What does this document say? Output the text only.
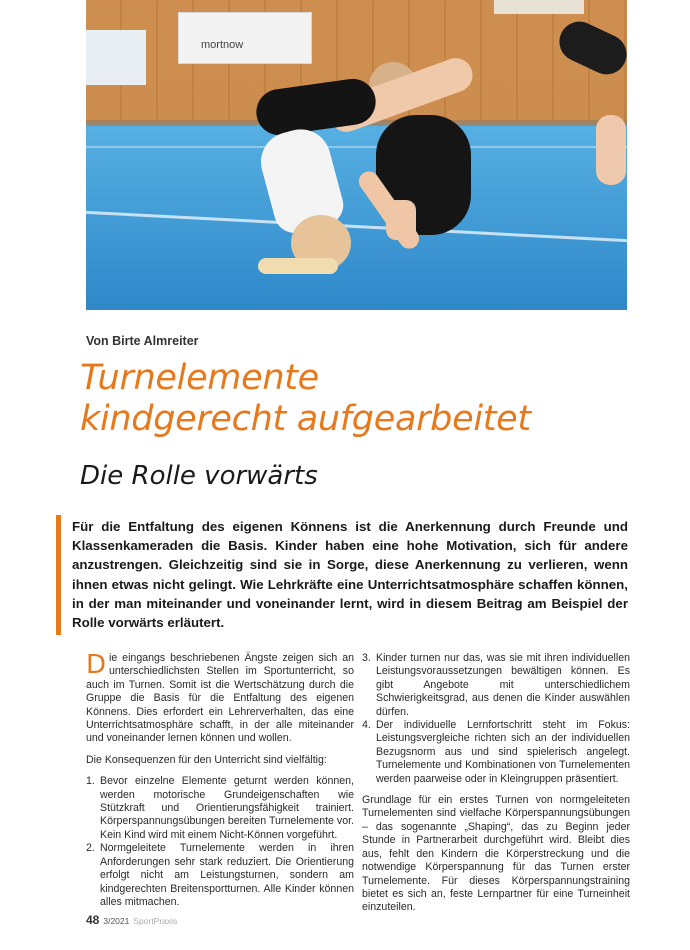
mortnow
Von Birte Almreiter
Turnelemente
kindgerecht aufgearbeitet
Die Rolle vorwärts

Für die Entfaltung des eigenen Könnens ist die Anerkennung durch Freunde und Klassenkameraden die Basis. Kinder haben eine hohe Motivation, sich für andere anzustrengen. Gleichzeitig sind sie in Sorge, diese Anerkennung zu verlieren, wenn ihnen etwas nicht gelingt. Wie Lehrkräfte eine Unterrichtsatmosphäre schaffen können, in der man miteinander und voneinander lernt, wird in diesem Beitrag am Beispiel der Rolle vorwärts erläutert.

Die eingangs beschriebenen Ängste zeigen sich an unterschiedlichsten Stellen im Sportunterricht, so auch im Turnen. Somit ist die Wertschätzung durch die Gruppe die Basis für die Entfaltung des eigenen Könnens. Dies erfordert ein Lehrerverhalten, das eine Unterrichtsatmosphäre schafft, in der alle miteinander und voneinander lernen können und wollen.

Die Konsequenzen für den Unterricht sind vielfältig:

1. Bevor einzelne Elemente geturnt werden können, werden motorische Grundeigenschaften wie Stützkraft und Orientierungsfähigkeit trainiert. Körperspannungsübungen bereiten Turnelemente vor. Kein Kind wird mit einem Nicht-Können vorgeführt.
2. Normgeleitete Turnelemente werden in ihren Anforderungen sehr stark reduziert. Die Orientierung erfolgt nicht am Leistungsturnen, sondern am kindgerechten Breitensportturnen. Alle Kinder können alles mitmachen.
3. Kinder turnen nur das, was sie mit ihren individuellen Leistungsvoraussetzungen bewältigen können. Es gibt Angebote mit unterschiedlichem Schwierigkeitsgrad, aus denen die Kinder auswählen dürfen.
4. Der individuelle Lernfortschritt steht im Fokus: Leistungsvergleiche richten sich an der individuellen Bezugsnorm aus und sind spielerisch angelegt. Turnelemente und Kombinationen von Turnelementen werden paarweise oder in Kleingruppen präsentiert.

Grundlage für ein erstes Turnen von normgeleiteten Turnelementen sind vielfache Körperspannungsübungen – das sogenannte „Shaping“, das zu Beginn jeder Stunde in Partnerarbeit durchgeführt wird. Bleibt dies aus, fehlt den Kindern die Körperstreckung und die notwendige Körperspannung für das Turnen erster Turnelemente. Für dieses Körperspannungstraining bietet es sich an, feste Lernpartner für eine Turneinheit einzuteilen.

48 3/2021 SportPraxis
